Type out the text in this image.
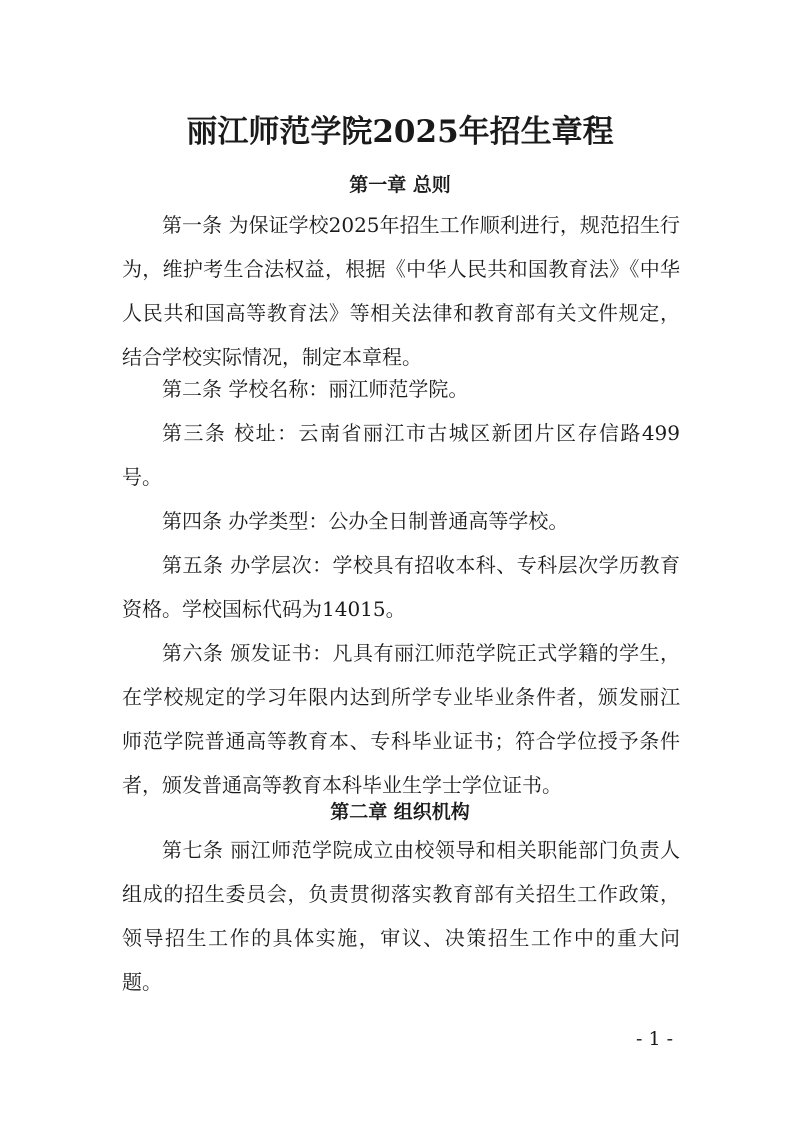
丽江师范学院2025年招生章程
第一章 总则
第一条 为保证学校2025年招生工作顺利进行，规范招生行为，维护考生合法权益，根据《中华人民共和国教育法》《中华人民共和国高等教育法》等相关法律和教育部有关文件规定，结合学校实际情况，制定本章程。
第二条 学校名称：丽江师范学院。
第三条 校址：云南省丽江市古城区新团片区存信路499号。
第四条 办学类型：公办全日制普通高等学校。
第五条 办学层次：学校具有招收本科、专科层次学历教育资格。学校国标代码为14015。
第六条 颁发证书：凡具有丽江师范学院正式学籍的学生，在学校规定的学习年限内达到所学专业毕业条件者，颁发丽江师范学院普通高等教育本、专科毕业证书；符合学位授予条件者，颁发普通高等教育本科毕业生学士学位证书。
第二章 组织机构
第七条 丽江师范学院成立由校领导和相关职能部门负责人组成的招生委员会，负责贯彻落实教育部有关招生工作政策，领导招生工作的具体实施，审议、决策招生工作中的重大问题。
- 1 -
